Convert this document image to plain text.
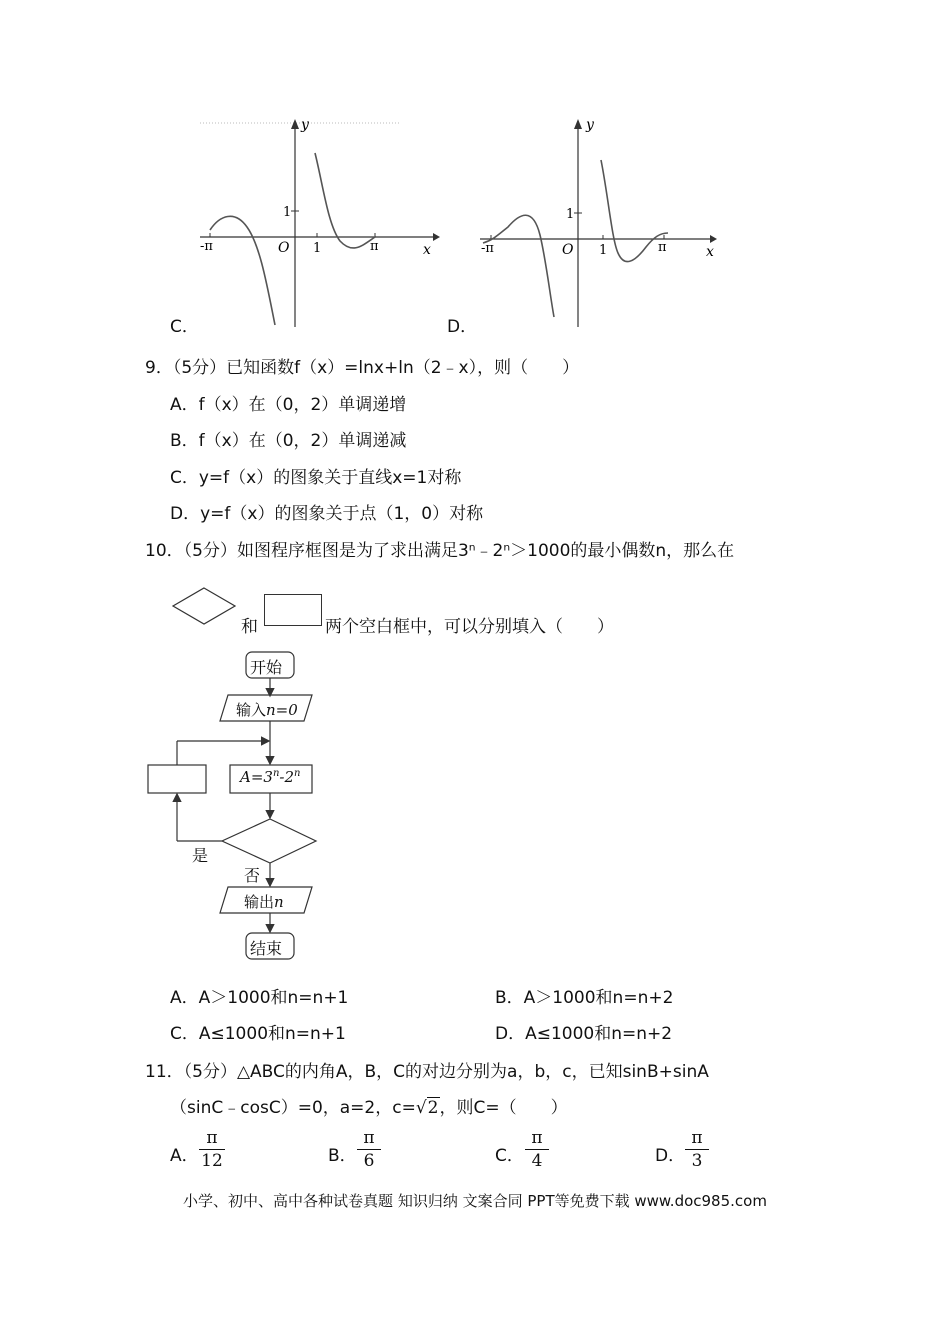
y
x
O
1
1
-π	π
C．
y
x
O
1
1
-π	π
D．
9．（5分）已知函数f（x）=lnx+ln（2﹣x），则（　　）
A．f（x）在（0，2）单调递增
B．f（x）在（0，2）单调递减
C．y=f（x）的图象关于直线x=1对称
D．y=f（x）的图象关于点（1，0）对称
10．（5分）如图程序框图是为了求出满足3ⁿ﹣2ⁿ＞1000的最小偶数n，那么在
和	两个空白框中，可以分别填入（　　）
开始
输入n=0
$A=3^n-2^n$
是
否
输出n
结束
A．A＞1000和n=n+1	B．A＞1000和n=n+2
C．A≤1000和n=n+1	D．A≤1000和n=n+2
11．（5分）△ABC的内角A，B，C的对边分别为a，b，c，已知sinB+sinA
（sinC﹣cosC）=0，a=2，c=√2，则C=（　　）
A．
π
12	B．
π
6	C．
π
4	D．
π
3
小学、初中、高中各种试卷真题 知识归纳 文案合同 PPT等免费下载 www.doc985.com
